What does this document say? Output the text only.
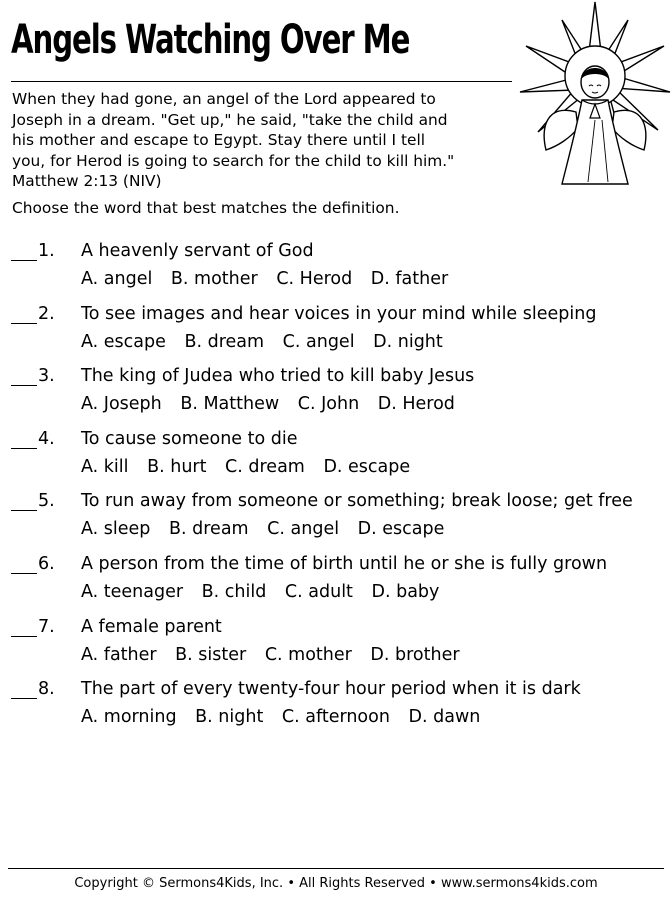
Angels Watching Over Me

When they had gone, an angel of the Lord appeared to
Joseph in a dream. "Get up," he said, "take the child and
his mother and escape to Egypt. Stay there until I tell
you, for Herod is going to search for the child to kill him."
Matthew 2:13 (NIV)

Choose the word that best matches the definition.

1. A heavenly servant of God
A. angel B. mother C. Herod D. father
2. To see images and hear voices in your mind while sleeping
A. escape B. dream C. angel D. night
3. The king of Judea who tried to kill baby Jesus
A. Joseph B. Matthew C. John D. Herod
4. To cause someone to die
A. kill B. hurt C. dream D. escape
5. To run away from someone or something; break loose; get free
A. sleep B. dream C. angel D. escape
6. A person from the time of birth until he or she is fully grown
A. teenager B. child C. adult D. baby
7. A female parent
A. father B. sister C. mother D. brother
8. The part of every twenty-four hour period when it is dark
A. morning B. night C. afternoon D. dawn
Copyright © Sermons4Kids, Inc. • All Rights Reserved • www.sermons4kids.com
